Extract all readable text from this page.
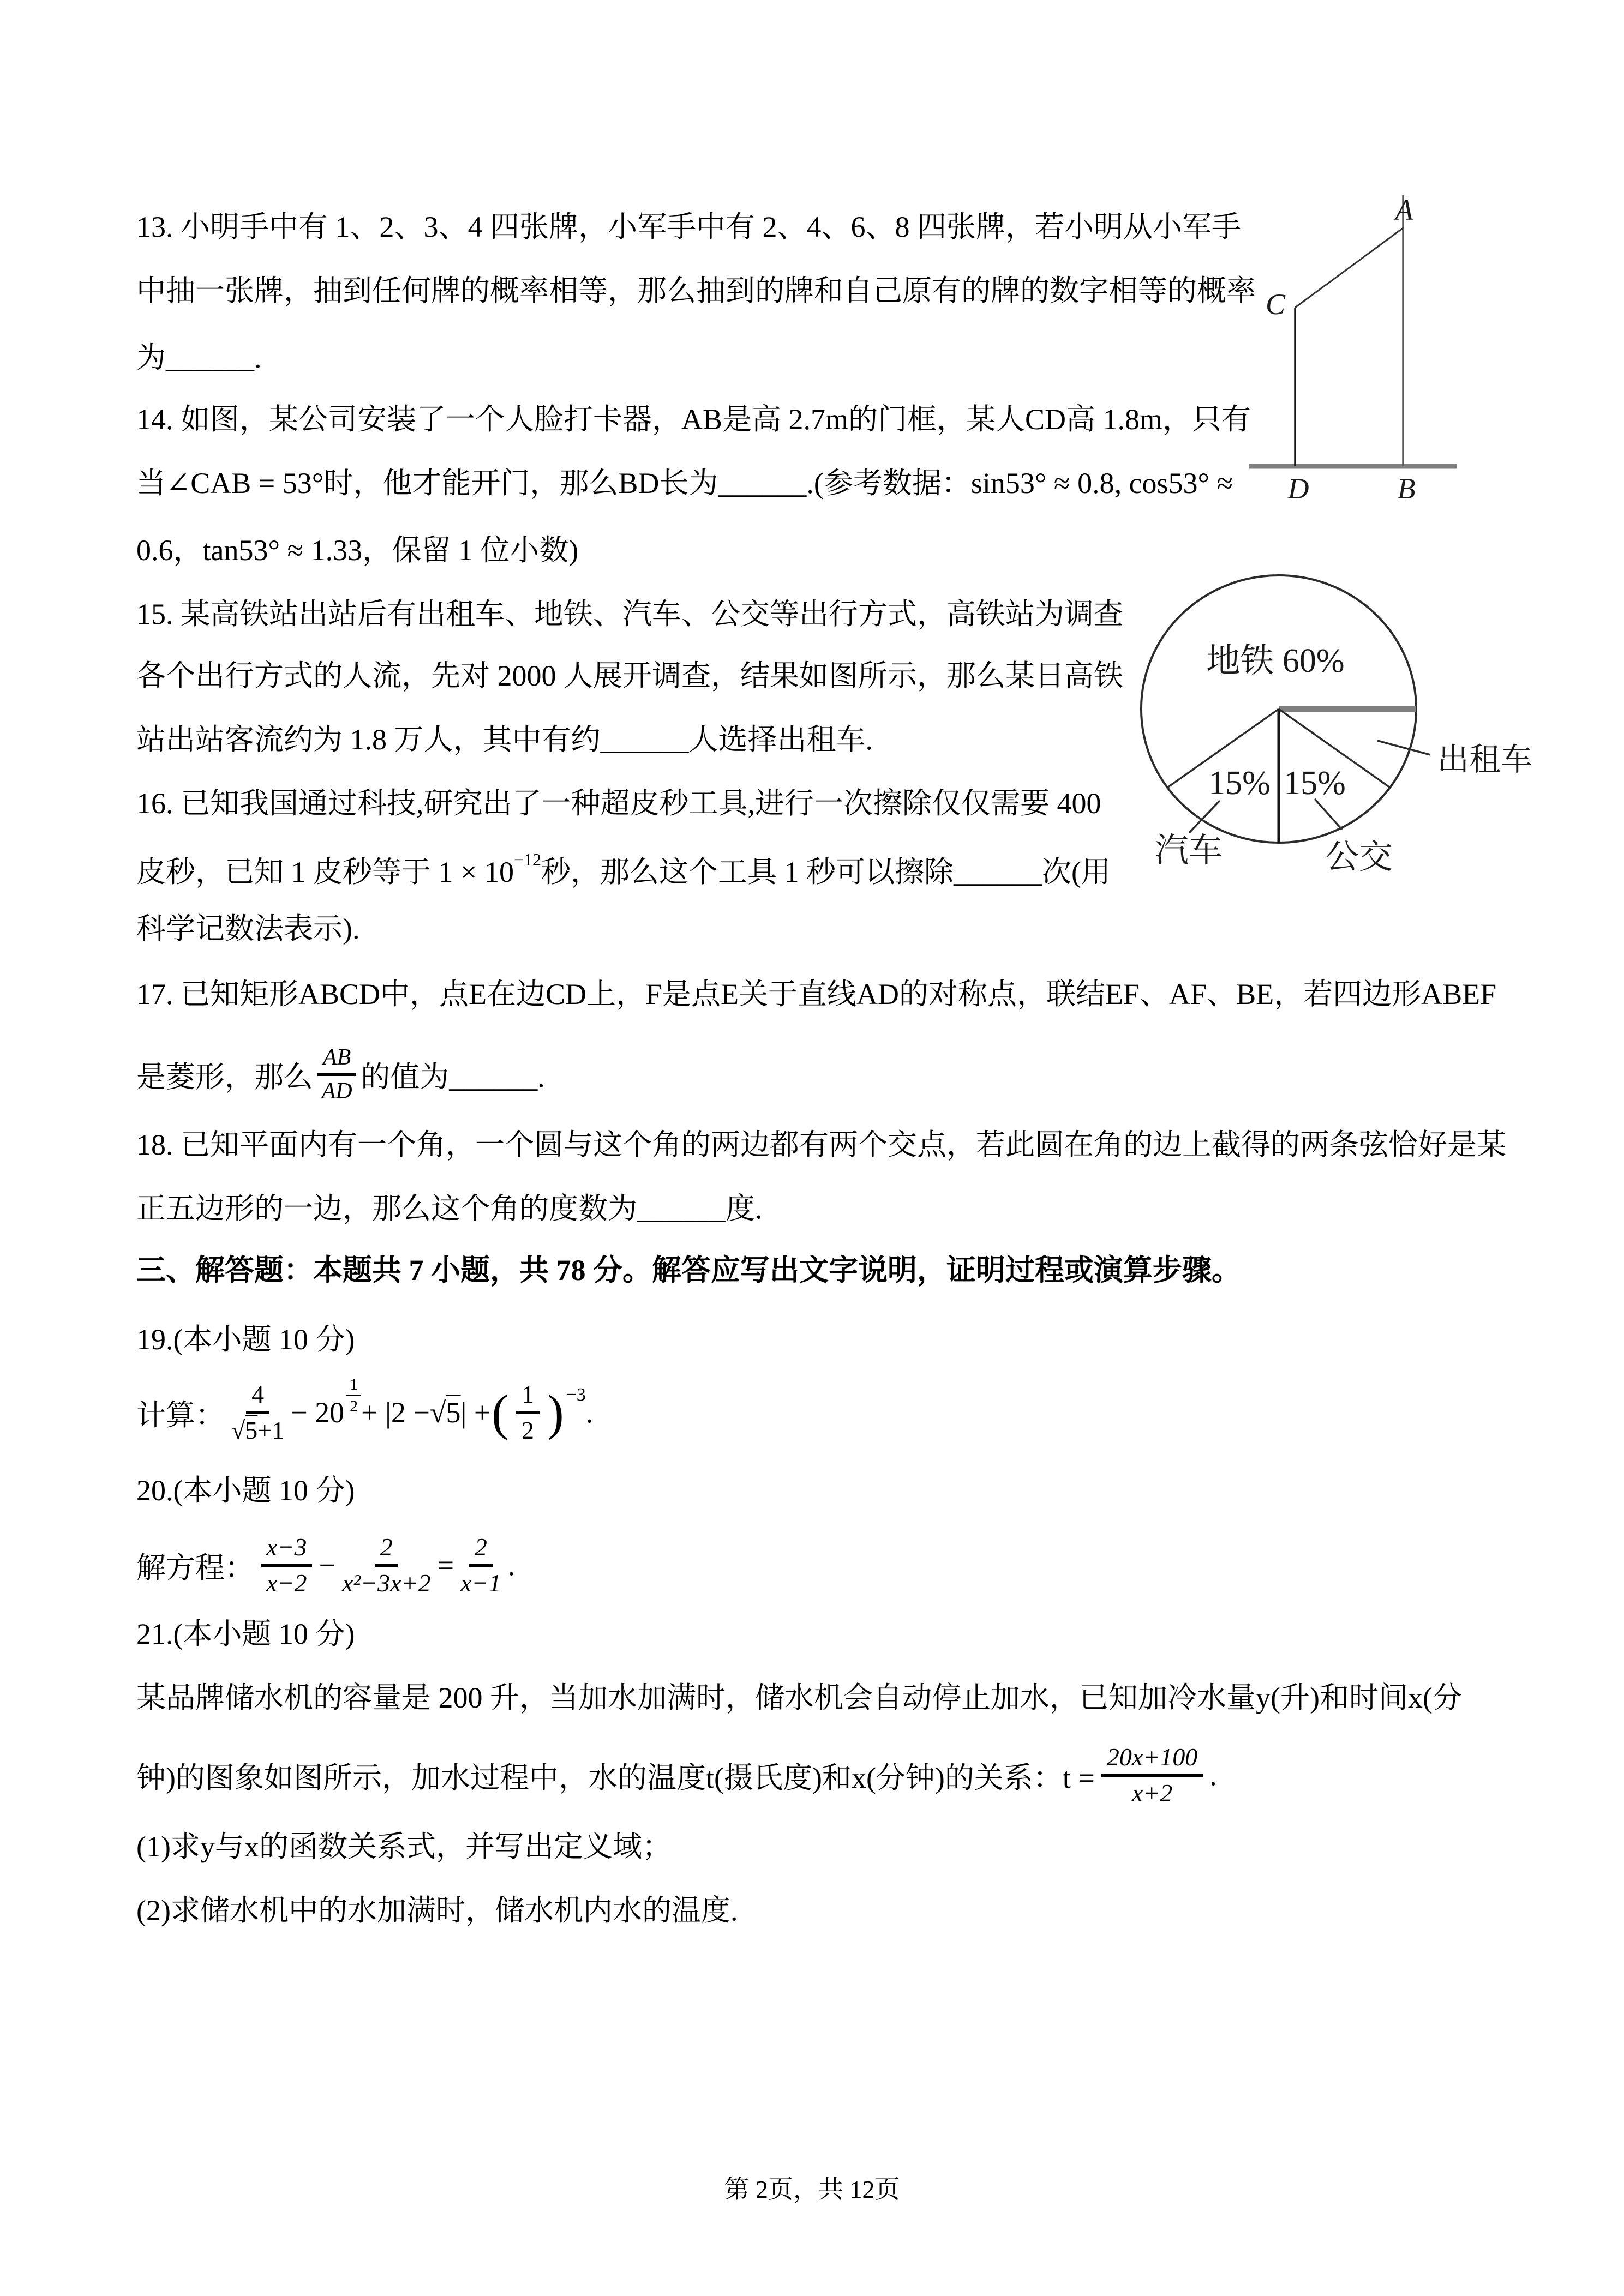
13. 小明手中有 1、2、3、4 四张牌，小军手中有 2、4、6、8 四张牌，若小明从小军手
中抽一张牌，抽到任何牌的概率相等，那么抽到的牌和自己原有的牌的数字相等的概率
为______.
14. 如图，某公司安装了一个人脸打卡器，AB是高 2.7m的门框，某人CD高 1.8m，只有
当∠CAB = 53°时，他才能开门，那么BD长为______.(参考数据：sin53° ≈ 0.8, cos53° ≈
0.6，tan53° ≈ 1.33，保留 1 位小数)
A
C
D	B
15. 某高铁站出站后有出租车、地铁、汽车、公交等出行方式，高铁站为调查
各个出行方式的人流，先对 2000 人展开调查，结果如图所示，那么某日高铁
站出站客流约为 1.8 万人，其中有约______人选择出租车.
地铁 60%
15% 15%
汽车	公交
出租车
16. 已知我国通过科技,研究出了一种超皮秒工具,进行一次擦除仅仅需要 400
皮秒，已知 1 皮秒等于 $1 \times 10^{-12}$秒，那么这个工具 1 秒可以擦除______次(用
科学记数法表示).
17. 已知矩形ABCD中，点E在边CD上，F是点E关于直线AD的对称点，联结EF、AF、BE，若四边形ABEF
是菱形，那么 $\frac{AB}{AD}$ 的值为______.
18. 已知平面内有一个角，一个圆与这个角的两边都有两个交点，若此圆在角的边上截得的两条弦恰好是某
正五边形的一边，那么这个角的度数为______度.
三、解答题：本题共 7 小题，共 78 分。解答应写出文字说明，证明过程或演算步骤。
19.(本小题 10 分)
计算： $\frac{4}{√5+1} - 20 \frac{1}{2} + |2$ − √ 5 | + ( $\frac{1}{2}$ ) −3
.
20.(本小题 10 分)
解方程： $\frac{x-3}{x-2} - \frac{2}{\text{x²−3x+2}} = \frac{2}{x-1}$ .
21.(本小题 10 分)
某品牌储水机的容量是 200 升，当加水加满时，储水机会自动停止加水，已知加冷水量y(升)和时间x(分
钟)的图象如图所示，加水过程中，水的温度t(摄氏度)和x(分钟)的关系：$t = \frac{20x+100}{x+2}$ .
(1)求y与x的函数关系式，并写出定义域；
(2)求储水机中的水加满时，储水机内水的温度.
第 2页，共 12页
